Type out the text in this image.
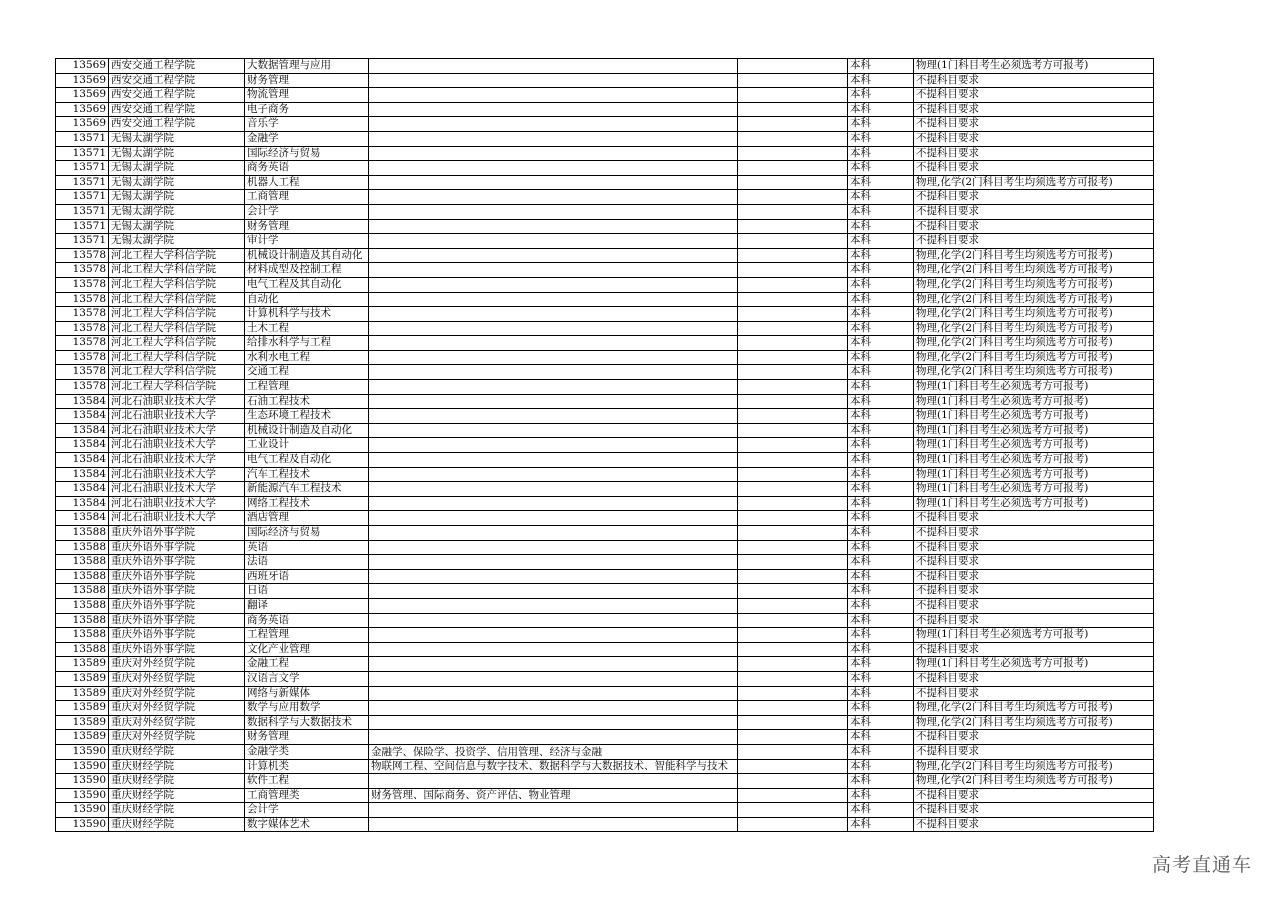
13569	西安交通工程学院	大数据管理与应用			本科	物理(1门科目考生必须选考方可报考)
13569	西安交通工程学院	财务管理			本科	不提科目要求
13569	西安交通工程学院	物流管理			本科	不提科目要求
13569	西安交通工程学院	电子商务			本科	不提科目要求
13569	西安交通工程学院	音乐学			本科	不提科目要求
13571	无锡太湖学院	金融学			本科	不提科目要求
13571	无锡太湖学院	国际经济与贸易			本科	不提科目要求
13571	无锡太湖学院	商务英语			本科	不提科目要求
13571	无锡太湖学院	机器人工程			本科	物理,化学(2门科目考生均须选考方可报考)
13571	无锡太湖学院	工商管理			本科	不提科目要求
13571	无锡太湖学院	会计学			本科	不提科目要求
13571	无锡太湖学院	财务管理			本科	不提科目要求
13571	无锡太湖学院	审计学			本科	不提科目要求
13578	河北工程大学科信学院	机械设计制造及其自动化			本科	物理,化学(2门科目考生均须选考方可报考)
13578	河北工程大学科信学院	材料成型及控制工程			本科	物理,化学(2门科目考生均须选考方可报考)
13578	河北工程大学科信学院	电气工程及其自动化			本科	物理,化学(2门科目考生均须选考方可报考)
13578	河北工程大学科信学院	自动化			本科	物理,化学(2门科目考生均须选考方可报考)
13578	河北工程大学科信学院	计算机科学与技术			本科	物理,化学(2门科目考生均须选考方可报考)
13578	河北工程大学科信学院	土木工程			本科	物理,化学(2门科目考生均须选考方可报考)
13578	河北工程大学科信学院	给排水科学与工程			本科	物理,化学(2门科目考生均须选考方可报考)
13578	河北工程大学科信学院	水利水电工程			本科	物理,化学(2门科目考生均须选考方可报考)
13578	河北工程大学科信学院	交通工程			本科	物理,化学(2门科目考生均须选考方可报考)
13578	河北工程大学科信学院	工程管理			本科	物理(1门科目考生必须选考方可报考)
13584	河北石油职业技术大学	石油工程技术			本科	物理(1门科目考生必须选考方可报考)
13584	河北石油职业技术大学	生态环境工程技术			本科	物理(1门科目考生必须选考方可报考)
13584	河北石油职业技术大学	机械设计制造及自动化			本科	物理(1门科目考生必须选考方可报考)
13584	河北石油职业技术大学	工业设计			本科	物理(1门科目考生必须选考方可报考)
13584	河北石油职业技术大学	电气工程及自动化			本科	物理(1门科目考生必须选考方可报考)
13584	河北石油职业技术大学	汽车工程技术			本科	物理(1门科目考生必须选考方可报考)
13584	河北石油职业技术大学	新能源汽车工程技术			本科	物理(1门科目考生必须选考方可报考)
13584	河北石油职业技术大学	网络工程技术			本科	物理(1门科目考生必须选考方可报考)
13584	河北石油职业技术大学	酒店管理			本科	不提科目要求
13588	重庆外语外事学院	国际经济与贸易			本科	不提科目要求
13588	重庆外语外事学院	英语			本科	不提科目要求
13588	重庆外语外事学院	法语			本科	不提科目要求
13588	重庆外语外事学院	西班牙语			本科	不提科目要求
13588	重庆外语外事学院	日语			本科	不提科目要求
13588	重庆外语外事学院	翻译			本科	不提科目要求
13588	重庆外语外事学院	商务英语			本科	不提科目要求
13588	重庆外语外事学院	工程管理			本科	物理(1门科目考生必须选考方可报考)
13588	重庆外语外事学院	文化产业管理			本科	不提科目要求
13589	重庆对外经贸学院	金融工程			本科	物理(1门科目考生必须选考方可报考)
13589	重庆对外经贸学院	汉语言文学			本科	不提科目要求
13589	重庆对外经贸学院	网络与新媒体			本科	不提科目要求
13589	重庆对外经贸学院	数学与应用数学			本科	物理,化学(2门科目考生均须选考方可报考)
13589	重庆对外经贸学院	数据科学与大数据技术			本科	物理,化学(2门科目考生均须选考方可报考)
13589	重庆对外经贸学院	财务管理			本科	不提科目要求
13590	重庆财经学院	金融学类	金融学、保险学、投资学、信用管理、经济与金融		本科	不提科目要求
13590	重庆财经学院	计算机类	物联网工程、空间信息与数字技术、数据科学与大数据技术、智能科学与技术		本科	物理,化学(2门科目考生均须选考方可报考)
13590	重庆财经学院	软件工程			本科	物理,化学(2门科目考生均须选考方可报考)
13590	重庆财经学院	工商管理类	财务管理、国际商务、资产评估、物业管理		本科	不提科目要求
13590	重庆财经学院	会计学			本科	不提科目要求
13590	重庆财经学院	数字媒体艺术			本科	不提科目要求
高考直通车
